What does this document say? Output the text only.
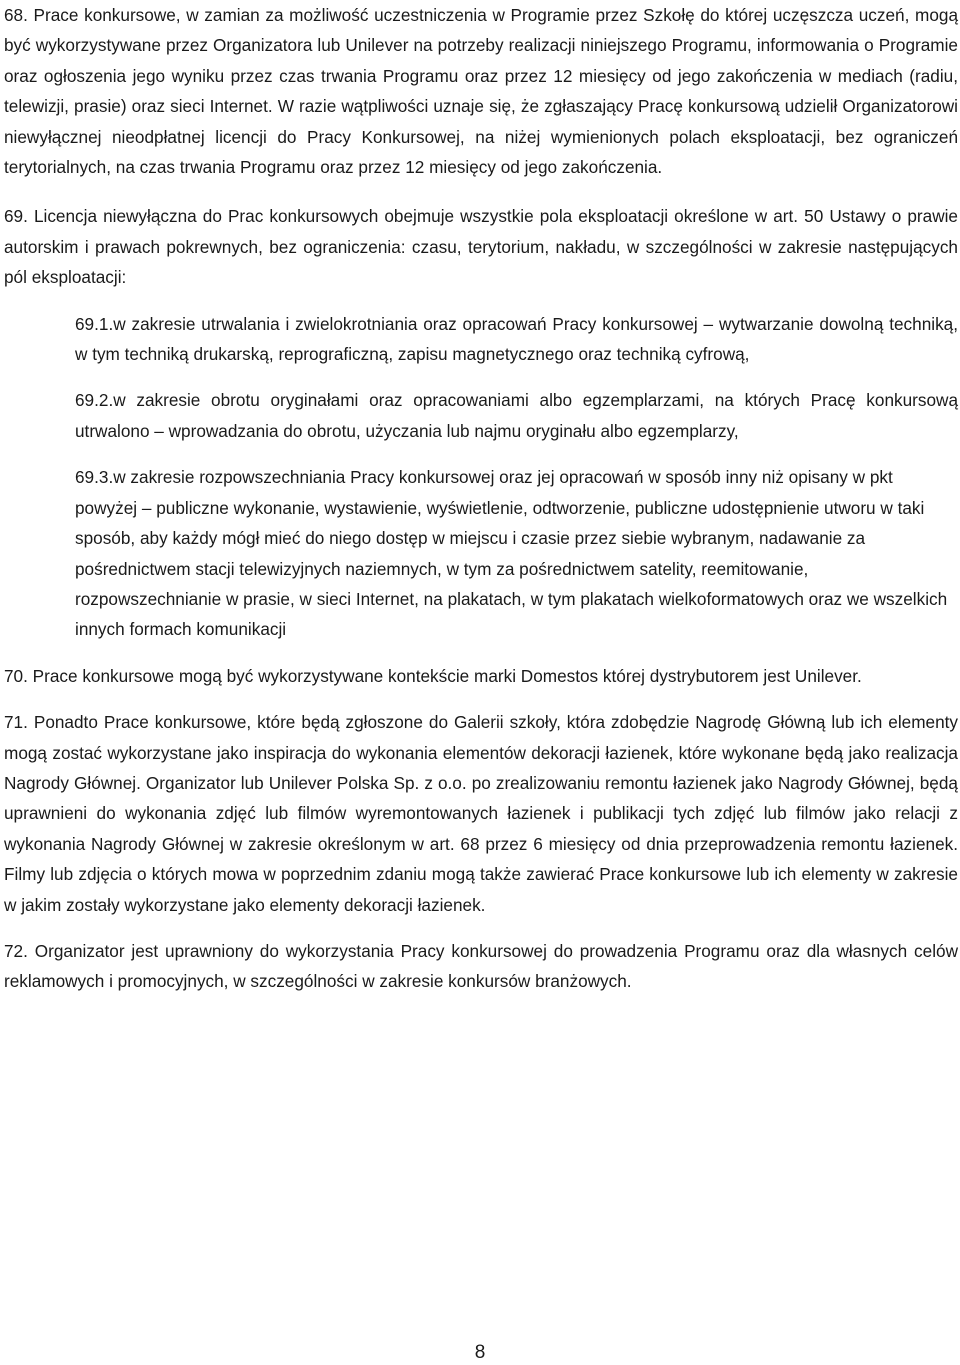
68. Prace konkursowe, w zamian za możliwość uczestniczenia w Programie przez Szkołę do której uczęszcza uczeń, mogą być wykorzystywane przez Organizatora lub Unilever na potrzeby realizacji niniejszego Programu, informowania o Programie oraz ogłoszenia jego wyniku przez czas trwania Programu oraz przez 12 miesięcy od jego zakończenia w mediach (radiu, telewizji, prasie) oraz sieci Internet. W razie wątpliwości uznaje się, że zgłaszający Pracę konkursową udzielił Organizatorowi niewyłącznej nieodpłatnej licencji do Pracy Konkursowej, na niżej wymienionych polach eksploatacji, bez ograniczeń terytorialnych, na czas trwania Programu oraz przez 12 miesięcy od jego zakończenia.

69. Licencja niewyłączna do Prac konkursowych obejmuje wszystkie pola eksploatacji określone w art. 50 Ustawy o prawie autorskim i prawach pokrewnych, bez ograniczenia: czasu, terytorium, nakładu, w szczególności w zakresie następujących pól eksploatacji:

69.1.w zakresie utrwalania i zwielokrotniania oraz opracowań Pracy konkursowej – wytwarzanie dowolną techniką, w tym techniką drukarską, reprograficzną, zapisu magnetycznego oraz techniką cyfrową,

69.2.w zakresie obrotu oryginałami oraz opracowaniami albo egzemplarzami, na których Pracę konkursową utrwalono – wprowadzania do obrotu, użyczania lub najmu oryginału albo egzemplarzy,

69.3.w zakresie rozpowszechniania Pracy konkursowej oraz jej opracowań w sposób inny niż opisany w pkt powyżej – publiczne wykonanie, wystawienie, wyświetlenie, odtworzenie, publiczne udostępnienie utworu w taki sposób, aby każdy mógł mieć do niego dostęp w miejscu i czasie przez siebie wybranym, nadawanie za pośrednictwem stacji telewizyjnych naziemnych, w tym za pośrednictwem satelity, reemitowanie, rozpowszechnianie w prasie, w sieci Internet, na plakatach, w tym plakatach wielkoformatowych oraz we wszelkich innych formach komunikacji

70. Prace konkursowe mogą być wykorzystywane kontekście marki Domestos której dystrybutorem jest Unilever.

71. Ponadto Prace konkursowe, które będą zgłoszone do Galerii szkoły, która zdobędzie Nagrodę Główną lub ich elementy mogą zostać wykorzystane jako inspiracja do wykonania elementów dekoracji łazienek, które wykonane będą jako realizacja Nagrody Głównej. Organizator lub Unilever Polska Sp. z o.o. po zrealizowaniu remontu łazienek jako Nagrody Głównej, będą uprawnieni do wykonania zdjęć lub filmów wyremontowanych łazienek i publikacji tych zdjęć lub filmów jako relacji z wykonania Nagrody Głównej w zakresie określonym w art. 68 przez 6 miesięcy od dnia przeprowadzenia remontu łazienek. Filmy lub zdjęcia o których mowa w poprzednim zdaniu mogą także zawierać Prace konkursowe lub ich elementy w zakresie w jakim zostały wykorzystane jako elementy dekoracji łazienek.

72. Organizator jest uprawniony do wykorzystania Pracy konkursowej do prowadzenia Programu oraz dla własnych celów reklamowych i promocyjnych, w szczególności w zakresie konkursów branżowych.

8
